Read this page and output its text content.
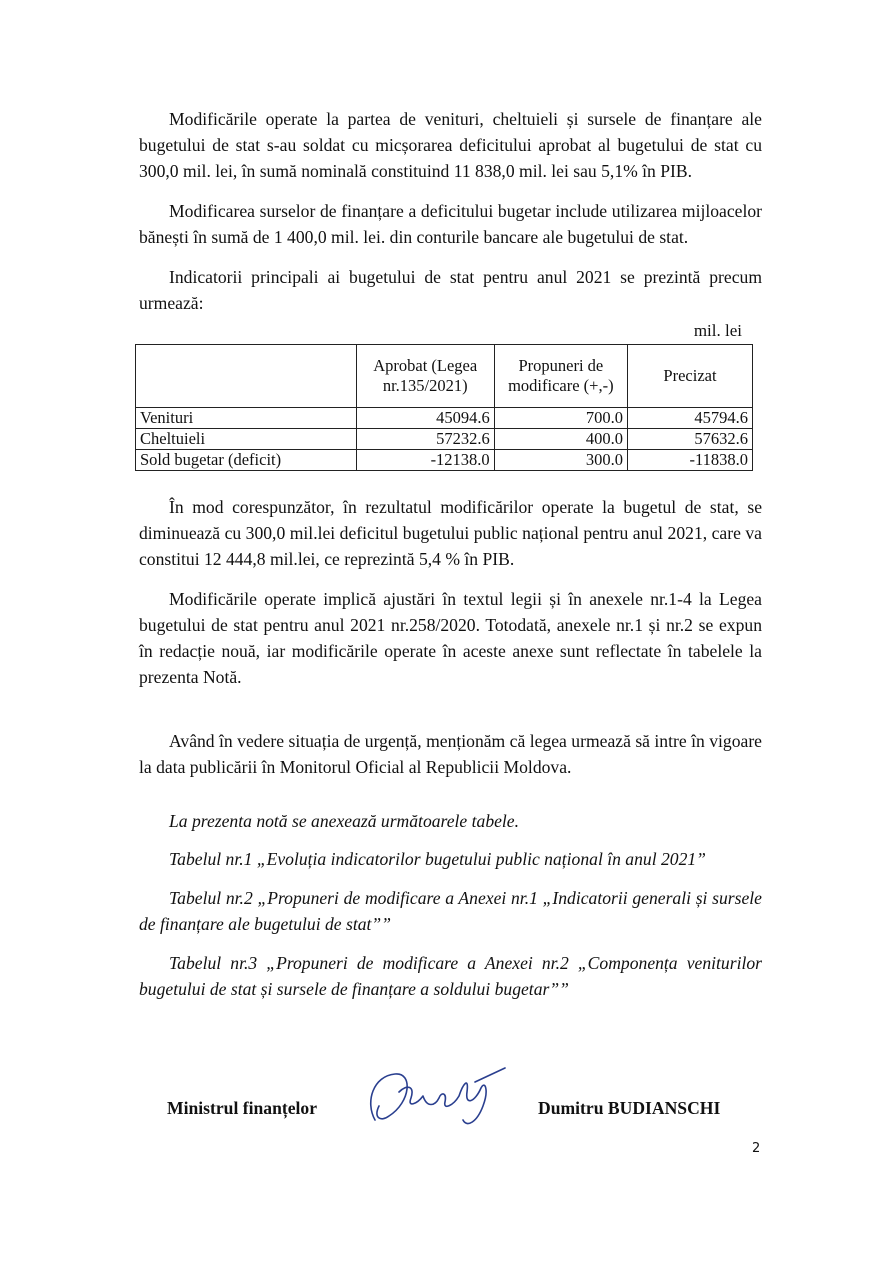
Modificările operate la partea de venituri, cheltuieli și sursele de finanțare ale bugetului de stat s-au soldat cu micșorarea deficitului aprobat al bugetului de stat cu 300,0 mil. lei, în sumă nominală constituind 11 838,0 mil. lei sau 5,1% în PIB.

Modificarea surselor de finanțare a deficitului bugetar include utilizarea mijloacelor bănești în sumă de 1 400,0 mil. lei. din conturile bancare ale bugetului de stat.

Indicatorii principali ai bugetului de stat pentru anul 2021 se prezintă precum urmează:

mil. lei
	Aprobat (Legea nr.135/2021)	Propuneri de modificare (+,-)	Precizat
Venituri	45094.6	700.0	45794.6
Cheltuieli	57232.6	400.0	57632.6
Sold bugetar (deficit)	-12138.0	300.0	-11838.0

În mod corespunzător, în rezultatul modificărilor operate la bugetul de stat, se diminuează cu 300,0 mil.lei deficitul bugetului public național pentru anul 2021, care va constitui 12 444,8 mil.lei, ce reprezintă 5,4 % în PIB.

Modificările operate implică ajustări în textul legii și în anexele nr.1-4 la Legea bugetului de stat pentru anul 2021 nr.258/2020. Totodată, anexele nr.1 și nr.2 se expun în redacție nouă, iar modificările operate în aceste anexe sunt reflectate în tabelele la prezenta Notă.

Având în vedere situația de urgență, menționăm că legea urmează să intre în vigoare la data publicării în Monitorul Oficial al Republicii Moldova.

La prezenta notă se anexează următoarele tabele.

Tabelul nr.1 „Evoluția indicatorilor bugetului public național în anul 2021”

Tabelul nr.2 „Propuneri de modificare a Anexei nr.1 „Indicatorii generali și sursele de finanțare ale bugetului de stat””

Tabelul nr.3 „Propuneri de modificare a Anexei nr.2 „Componența veniturilor bugetului de stat și sursele de finanțare a soldului bugetar””

Ministrul finanțelor	Dumitru BUDIANSCHI
2
